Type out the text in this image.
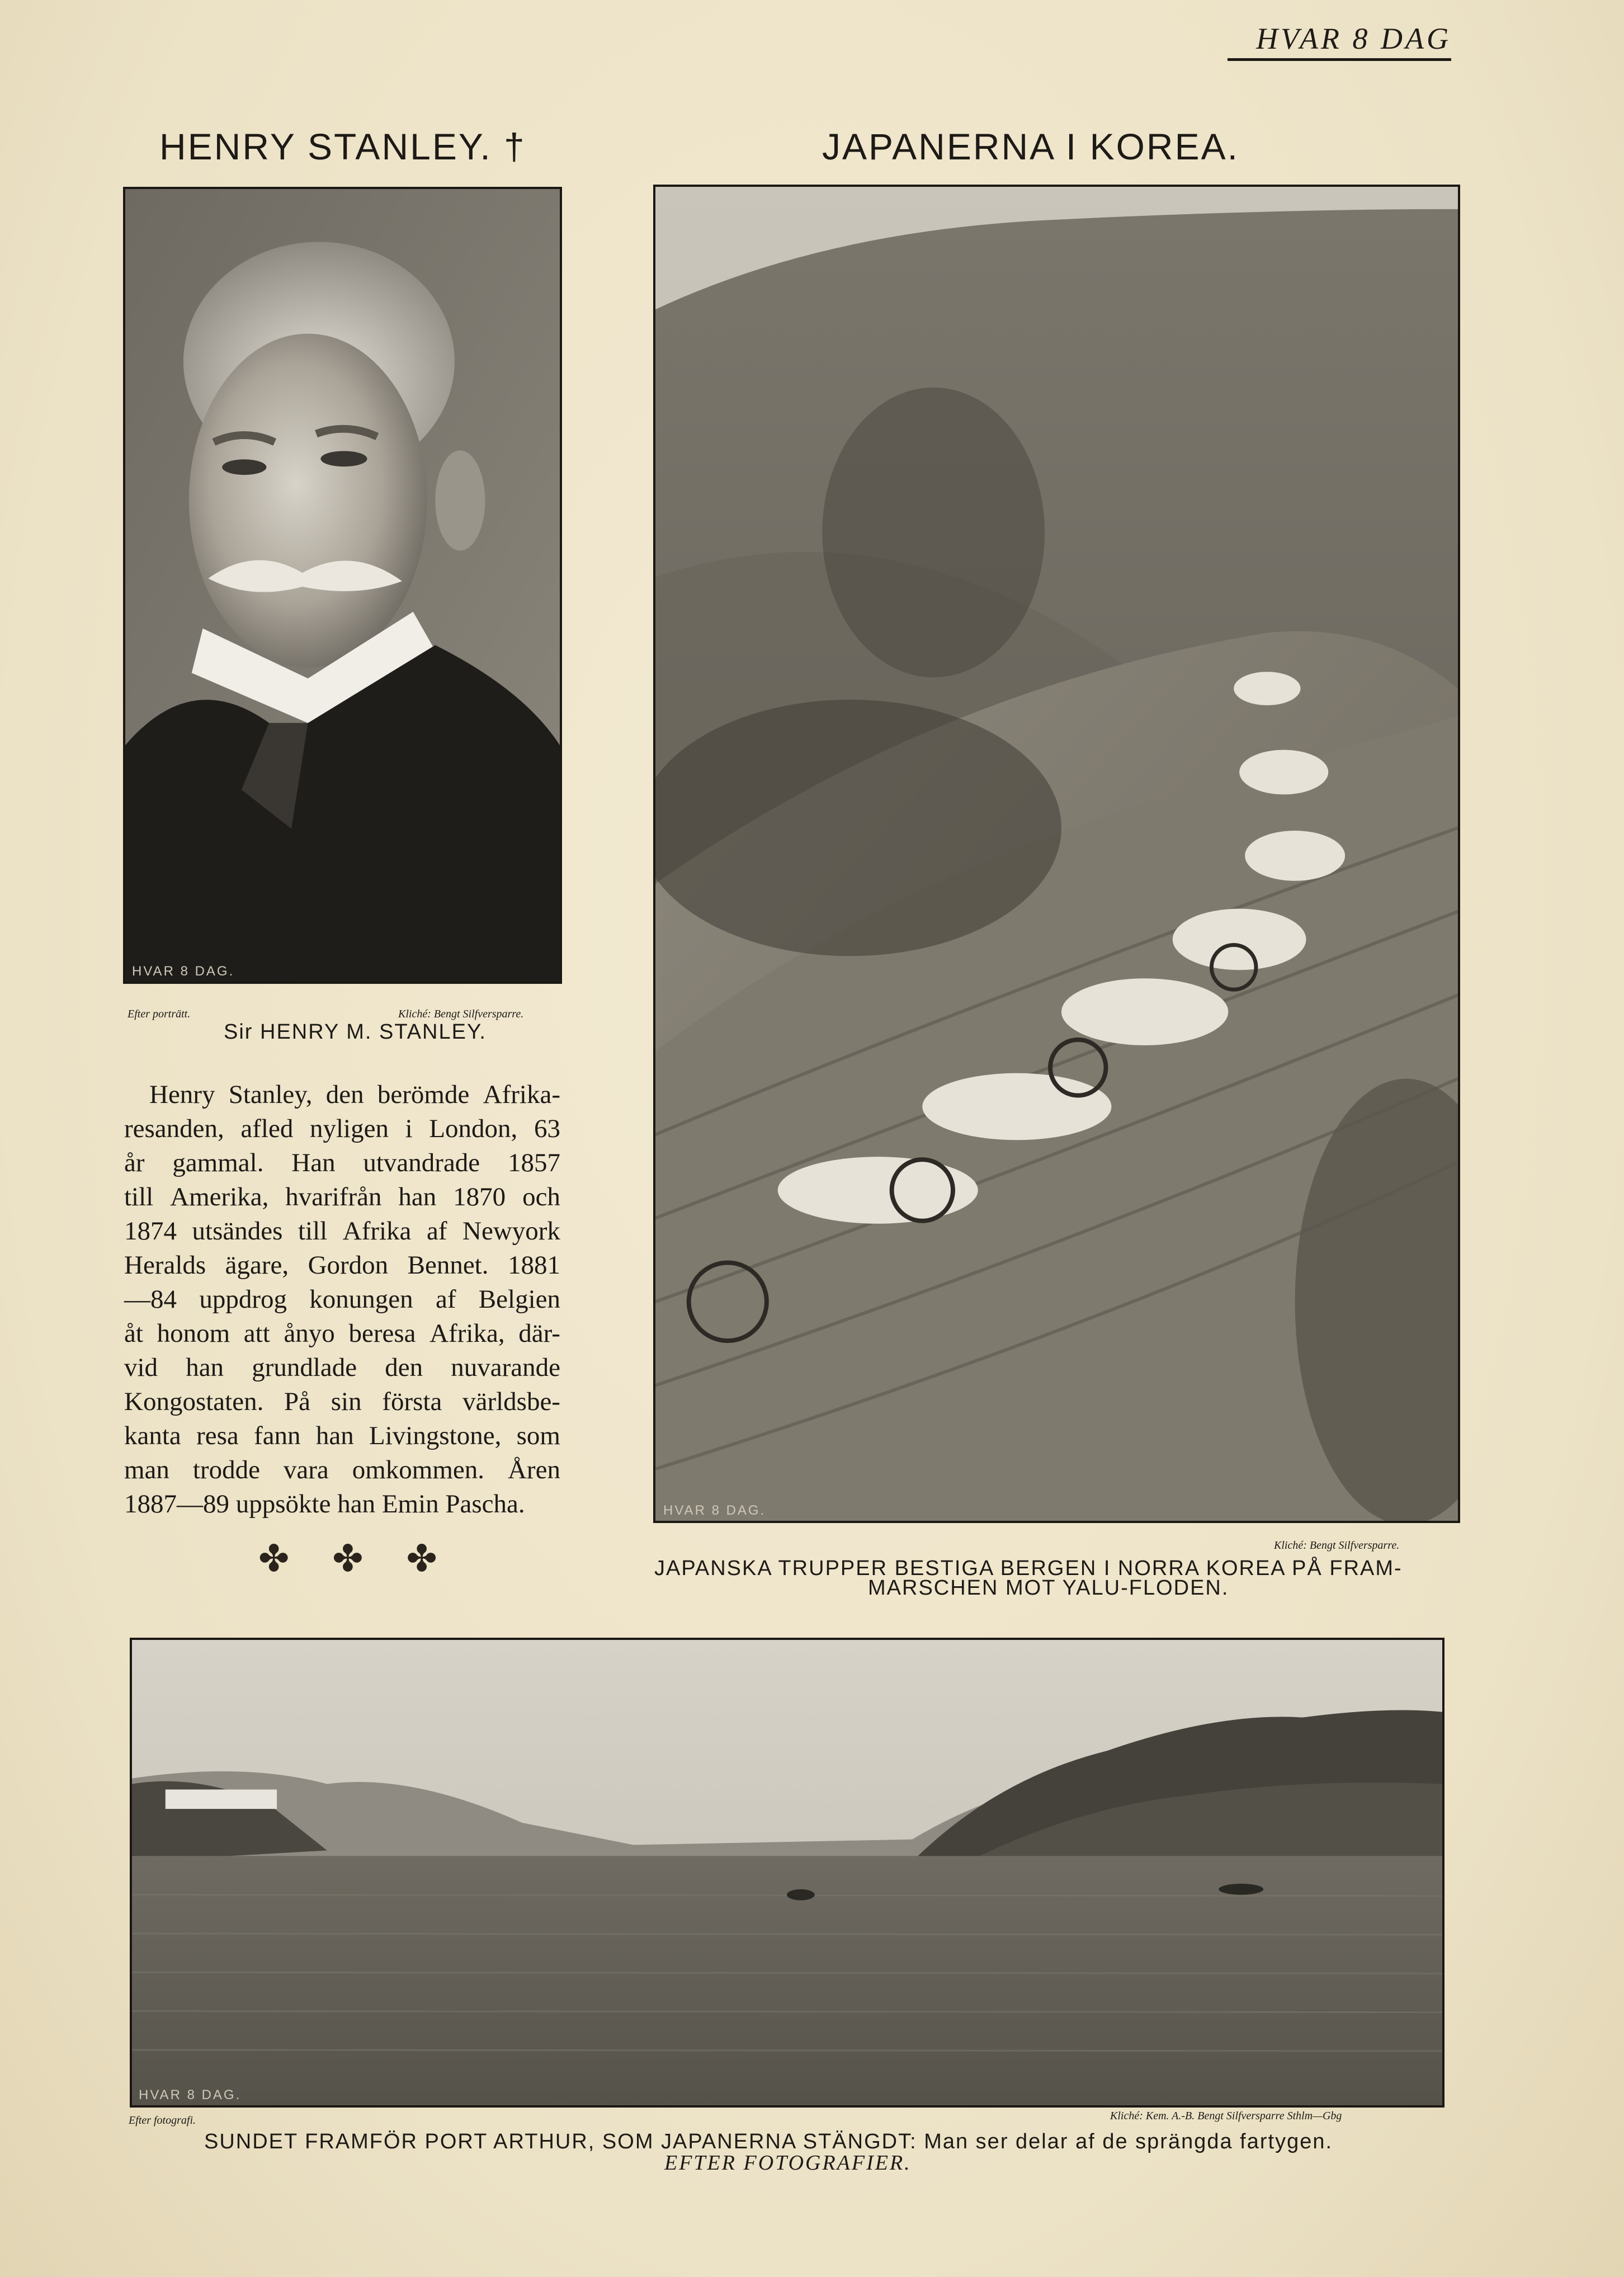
HVAR 8 DAG
HENRY STANLEY. †	JAPANERNA I KOREA.
HVAR 8 DAG.
Efter porträtt.	Kliché: Bengt Silfversparre.
Sir HENRY M. STANLEY.
Henry Stanley, den berömde Afrika-
resanden, afled nyligen i London, 63
år gammal. Han utvandrade 1857
till Amerika, hvarifrån han 1870 och
1874 utsändes till Afrika af Newyork
Heralds ägare, Gordon Bennet. 1881
—84 uppdrog konungen af Belgien
åt honom att ånyo beresa Afrika, där-
vid han grundlade den nuvarande
Kongostaten. På sin första världsbe-
kanta resa fann han Livingstone, som
man trodde vara omkommen. Åren
1887—89 uppsökte han Emin Pascha.
✤ ✤ ✤
HVAR 8 DAG.
Kliché: Bengt Silfversparre.
JAPANSKA TRUPPER BESTIGA BERGEN I NORRA KOREA PÅ FRAM-
MARSCHEN MOT YALU-FLODEN.
HVAR 8 DAG.
Efter fotografi.	Kliché: Kem. A.-B. Bengt Silfversparre Sthlm—Gbg
SUNDET FRAMFÖR PORT ARTHUR, SOM JAPANERNA STÄNGDT: Man ser delar af de sprängda fartygen.
EFTER FOTOGRAFIER.
